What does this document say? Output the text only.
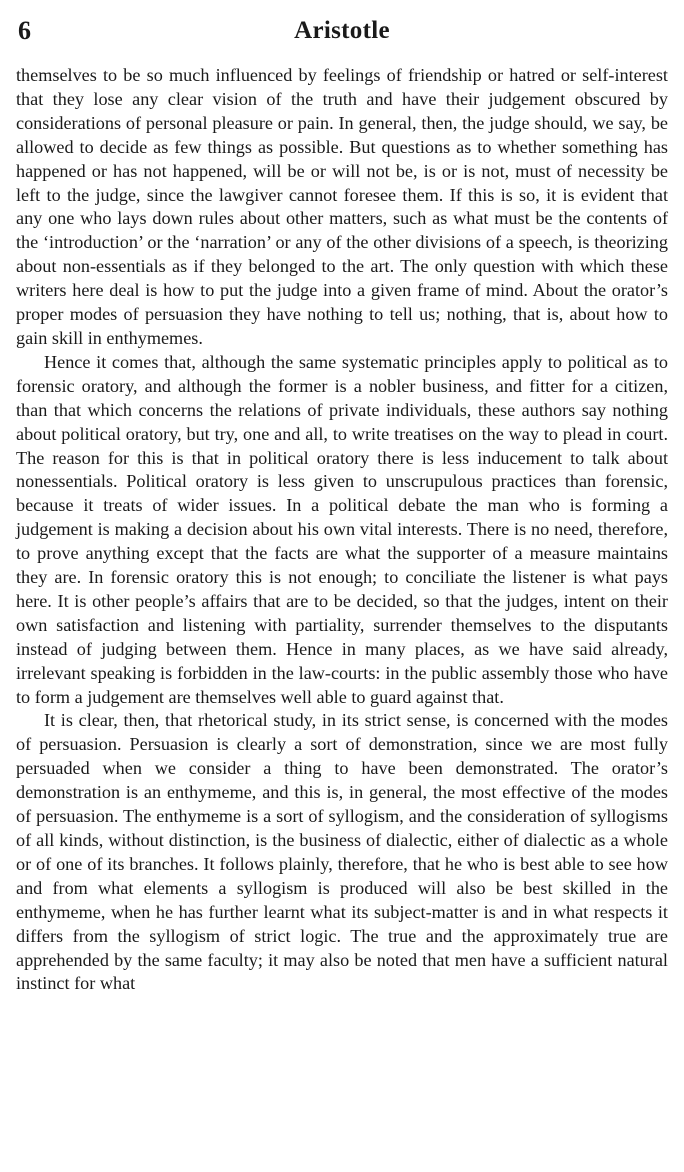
6	Aristotle

themselves to be so much influenced by feelings of friendship or hatred or self-interest that they lose any clear vision of the truth and have their judgement obscured by considerations of personal pleasure or pain. In general, then, the judge should, we say, be allowed to decide as few things as possible. But questions as to whether something has happened or has not happened, will be or will not be, is or is not, must of necessity be left to the judge, since the lawgiver cannot foresee them. If this is so, it is evident that any one who lays down rules about other matters, such as what must be the contents of the ‘introduction’ or the ‘narration’ or any of the other divisions of a speech, is theorizing about non-essentials as if they belonged to the art. The only question with which these writers here deal is how to put the judge into a given frame of mind. About the orator’s proper modes of persuasion they have nothing to tell us; nothing, that is, about how to gain skill in enthymemes.

Hence it comes that, although the same systematic principles apply to political as to forensic oratory, and although the former is a nobler business, and fitter for a citizen, than that which concerns the relations of private individuals, these authors say nothing about political oratory, but try, one and all, to write treatises on the way to plead in court. The reason for this is that in political oratory there is less inducement to talk about nonessentials. Political oratory is less given to unscrupulous practices than forensic, because it treats of wider issues. In a political debate the man who is forming a judgement is making a decision about his own vital interests. There is no need, therefore, to prove anything except that the facts are what the supporter of a measure maintains they are. In forensic oratory this is not enough; to conciliate the listener is what pays here. It is other people’s affairs that are to be decided, so that the judges, intent on their own satisfaction and listening with partiality, surrender themselves to the disputants instead of judging between them. Hence in many places, as we have said already, irrelevant speaking is forbidden in the law-courts: in the public assembly those who have to form a judgement are themselves well able to guard against that.

It is clear, then, that rhetorical study, in its strict sense, is concerned with the modes of persuasion. Persuasion is clearly a sort of demonstration, since we are most fully persuaded when we consider a thing to have been demonstrated. The orator’s demonstration is an enthymeme, and this is, in general, the most effective of the modes of persuasion. The enthymeme is a sort of syllogism, and the consideration of syllogisms of all kinds, without distinction, is the business of dialectic, either of dialectic as a whole or of one of its branches. It follows plainly, therefore, that he who is best able to see how and from what elements a syllogism is produced will also be best skilled in the enthymeme, when he has further learnt what its subject-matter is and in what respects it differs from the syllogism of strict logic. The true and the approximately true are apprehended by the same faculty; it may also be noted that men have a sufficient natural instinct for what
